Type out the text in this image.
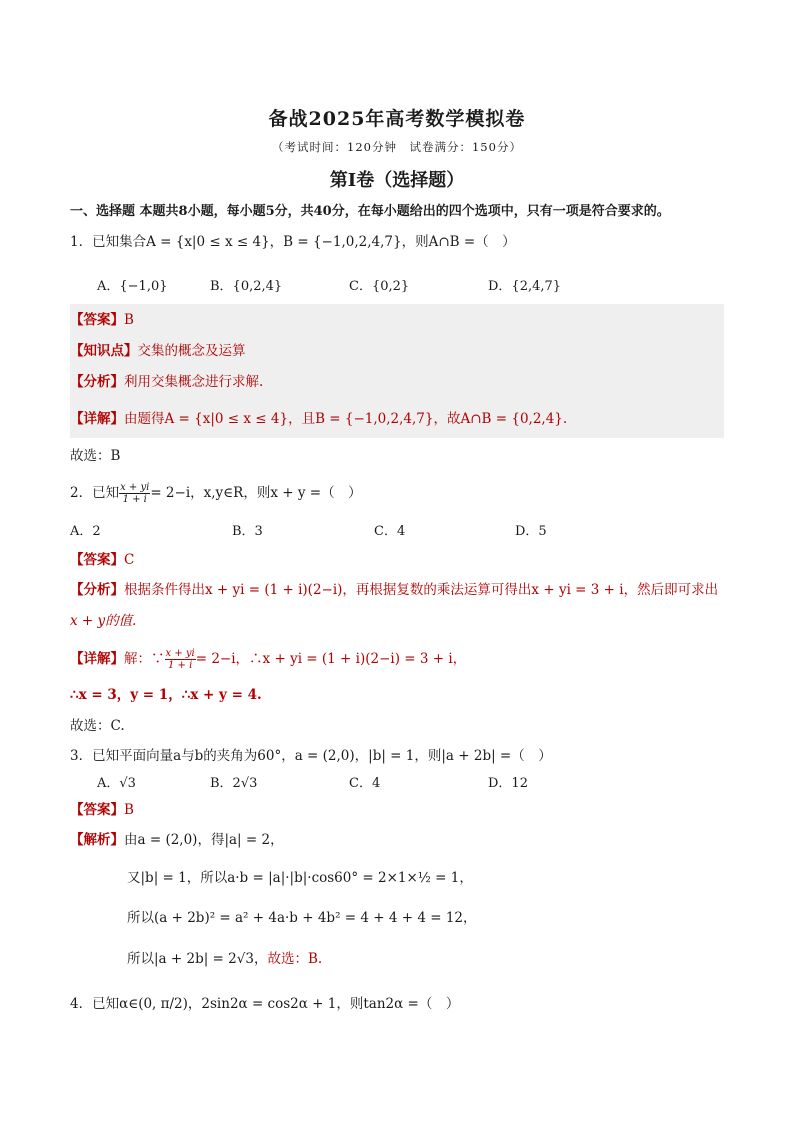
备战2025年高考数学模拟卷
（考试时间：120分钟　试卷满分：150分）
第Ⅰ卷（选择题）
一、选择题 本题共8小题，每小题5分，共40分，在每小题给出的四个选项中，只有一项是符合要求的。
1．已知集合A = {x|0 ≤ x ≤ 4}，B = {−1,0,2,4,7}，则A∩B =（　）
A．{−1,0}	B．{0,2,4}	C．{0,2}	D．{2,4,7}
【答案】B
【知识点】交集的概念及运算
【分析】利用交集概念进行求解.
【详解】由题得A = {x|0 ≤ x ≤ 4}，且B = {−1,0,2,4,7}，故A∩B = {0,2,4}.
故选：B
2．已知 $\frac{x + yi}{1 + i} = 2-i$，x,y∈R，则x + y =（　）
A．2	B．3	C．4	D．5
【答案】C
【分析】根据条件得出x + yi = (1 + i)(2−i)，再根据复数的乘法运算可得出x + yi = 3 + i，然后即可求出
x + y的值.
【详解】解：∵ $\frac{x + yi}{1 + i} = 2-i$，∴x + yi = (1 + i)(2−i) = 3 + i，
∴x = 3，y = 1，∴x + y = 4.
故选：C.
3．已知平面向量a与b的夹角为60°，a = (2,0)，|b| = 1，则|a + 2b| =（　）
A．√3	B．2√3	C．4	D．12
【答案】B
【解析】由a = (2,0)，得|a| = 2，
又|b| = 1，所以a·b = |a|·|b|·cos60° = 2×1×½ = 1，
所以(a + 2b)² = a² + 4a·b + 4b² = 4 + 4 + 4 = 12，
所以|a + 2b| = 2√3，故选：B.
4．已知α∈(0, π/2)，2sin2α = cos2α + 1，则tan2α =（　）
